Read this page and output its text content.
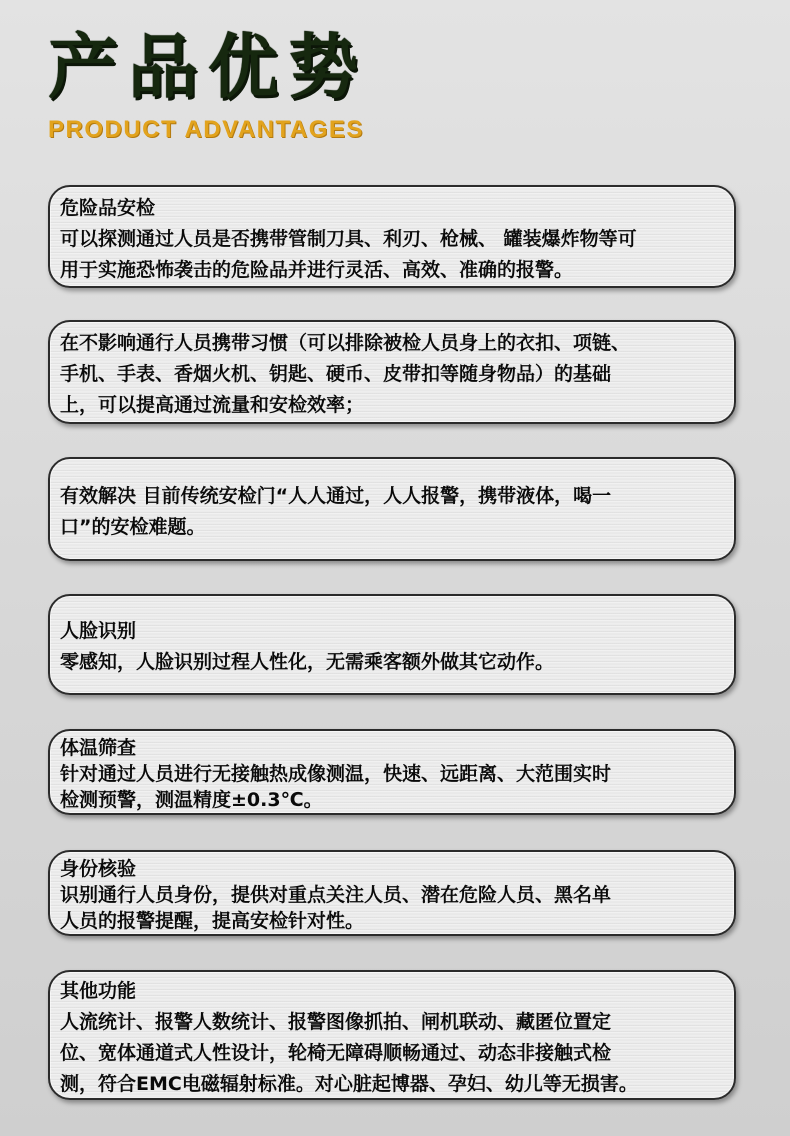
产品优势
PRODUCT ADVANTAGES
危险品安检
可以探测通过人员是否携带管制刀具、利刃、枪械、 罐装爆炸物等可
用于实施恐怖袭击的危险品并进行灵活、高效、准确的报警。
在不影响通行人员携带习惯（可以排除被检人员身上的衣扣、项链、
手机、手表、香烟火机、钥匙、硬币、皮带扣等随身物品）的基础
上，可以提高通过流量和安检效率；
有效解决 目前传统安检门“人人通过，人人报警，携带液体，喝一
口”的安检难题。
人脸识别
零感知，人脸识别过程人性化，无需乘客额外做其它动作。
体温筛查
针对通过人员进行无接触热成像测温，快速、远距离、大范围实时
检测预警，测温精度±0.3℃。
身份核验
识别通行人员身份，提供对重点关注人员、潜在危险人员、黑名单
人员的报警提醒，提高安检针对性。
其他功能
人流统计、报警人数统计、报警图像抓拍、闸机联动、藏匿位置定
位、宽体通道式人性设计，轮椅无障碍顺畅通过、动态非接触式检
测，符合EMC电磁辐射标准。对心脏起博器、孕妇、幼儿等无损害。
